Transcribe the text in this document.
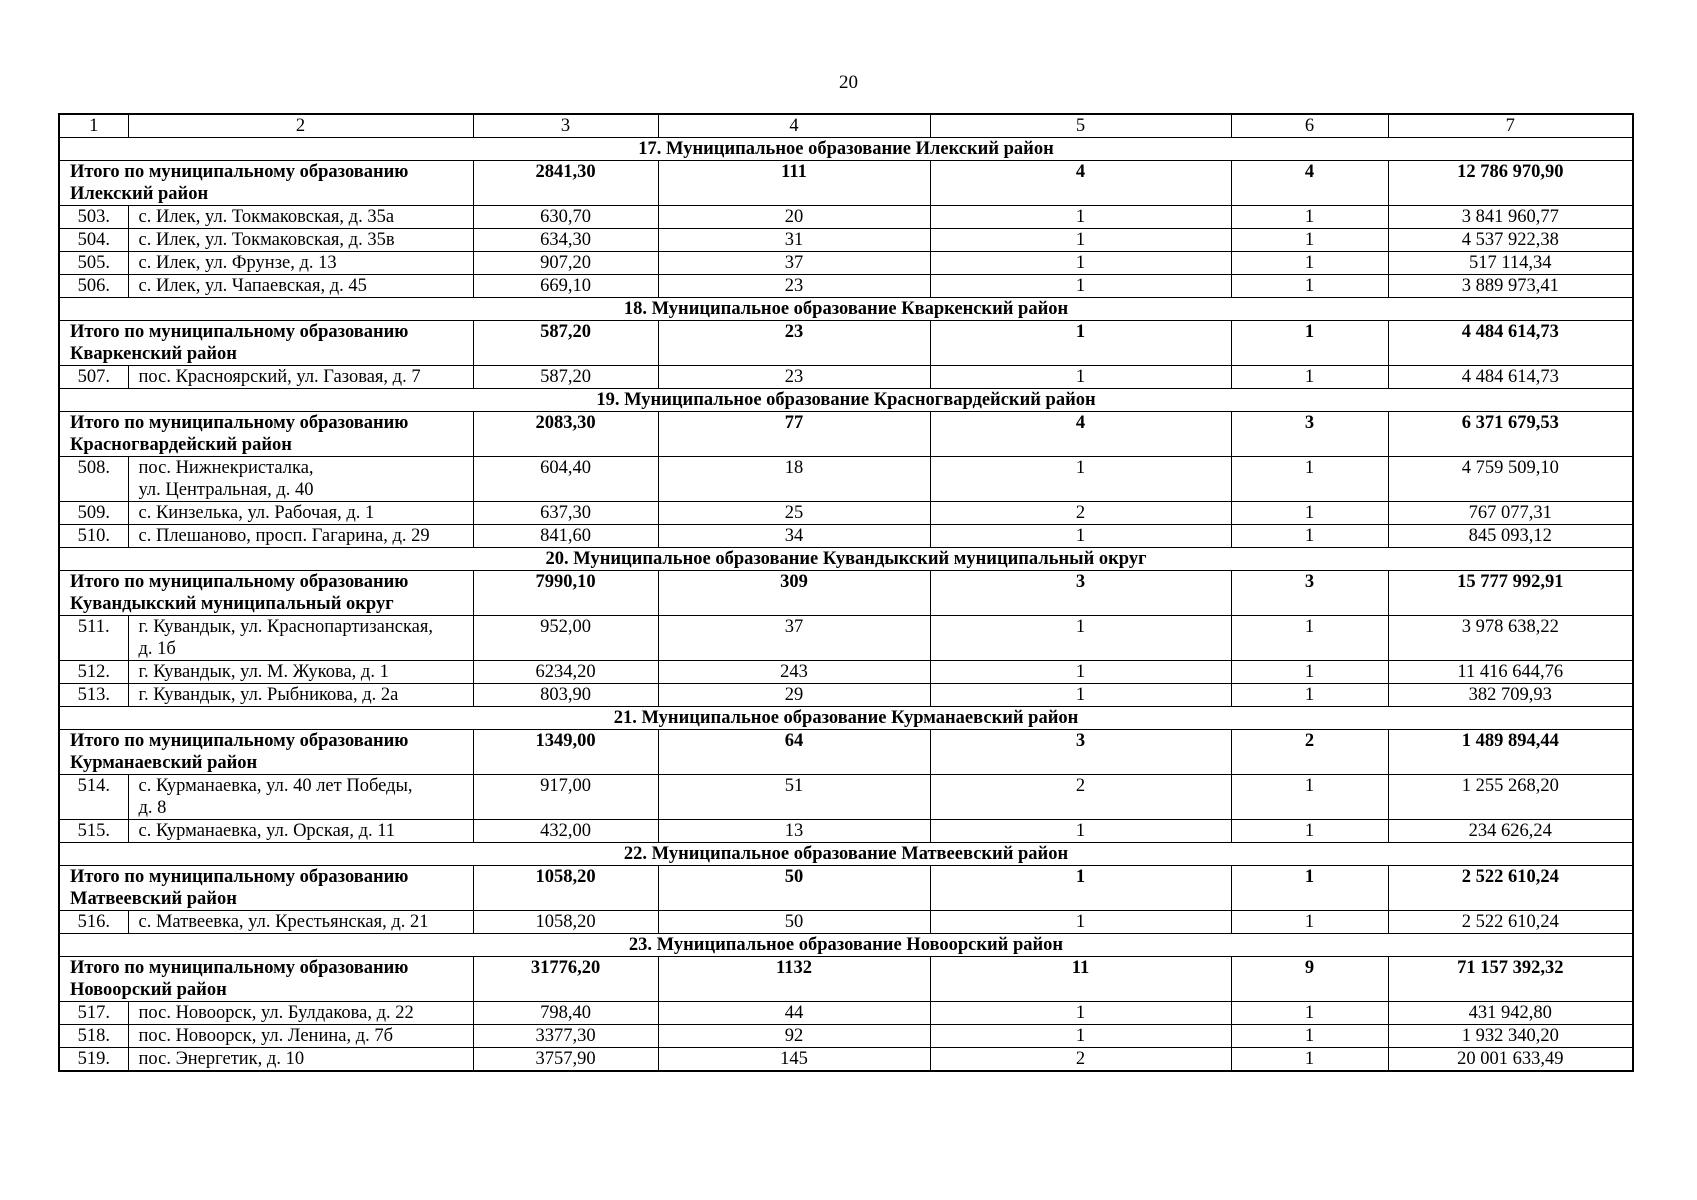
20
1	2	3	4	5	6	7
17. Муниципальное образование Илекский район						

Итого по муниципальному образованию
Илекский район		2841,30	111	4	4	12 786 970,90
503.	с. Илек, ул. Токмаковская, д. 35а	630,70	20	1	1	3 841 960,77
504.	с. Илек, ул. Токмаковская, д. 35в	634,30	31	1	1	4 537 922,38
505.	с. Илек, ул. Фрунзе, д. 13	907,20	37	1	1	517 114,34
506.	с. Илек, ул. Чапаевская, д. 45	669,10	23	1	1	3 889 973,41
18. Муниципальное образование Кваркенский район						

Итого по муниципальному образованию
Кваркенский район		587,20	23	1	1	4 484 614,73
507.	пос. Красноярский, ул. Газовая, д. 7	587,20	23	1	1	4 484 614,73
19. Муниципальное образование Красногвардейский район						

Итого по муниципальному образованию
Красногвардейский район		2083,30	77	4	3	6 371 679,53
508.	пос. Нижнекристалка,
ул. Центральная, д. 40	604,40	18	1	1	4 759 509,10
509.	с. Кинзелька, ул. Рабочая, д. 1	637,30	25	2	1	767 077,31
510.	с. Плешаново, просп. Гагарина, д. 29	841,60	34	1	1	845 093,12
20. Муниципальное образование Кувандыкский муниципальный округ						

Итого по муниципальному образованию
Кувандыкский муниципальный округ		7990,10	309	3	3	15 777 992,91
511.	г. Кувандык, ул. Краснопартизанская,
д. 1б	952,00	37	1	1	3 978 638,22
512.	г. Кувандык, ул. М. Жукова, д. 1	6234,20	243	1	1	11 416 644,76
513.	г. Кувандык, ул. Рыбникова, д. 2а	803,90	29	1	1	382 709,93
21. Муниципальное образование Курманаевский район						

Итого по муниципальному образованию
Курманаевский район		1349,00	64	3	2	1 489 894,44
514.	с. Курманаевка, ул. 40 лет Победы,
д. 8	917,00	51	2	1	1 255 268,20
515.	с. Курманаевка, ул. Орская, д. 11	432,00	13	1	1	234 626,24
22. Муниципальное образование Матвеевский район						

Итого по муниципальному образованию
Матвеевский район		1058,20	50	1	1	2 522 610,24
516.	с. Матвеевка, ул. Крестьянская, д. 21	1058,20	50	1	1	2 522 610,24
23. Муниципальное образование Новоорский район						

Итого по муниципальному образованию
Новоорский район		31776,20	1132	11	9	71 157 392,32
517.	пос. Новоорск, ул. Булдакова, д. 22	798,40	44	1	1	431 942,80
518.	пос. Новоорск, ул. Ленина, д. 7б	3377,30	92	1	1	1 932 340,20
519.	пос. Энергетик, д. 10	3757,90	145	2	1	20 001 633,49
